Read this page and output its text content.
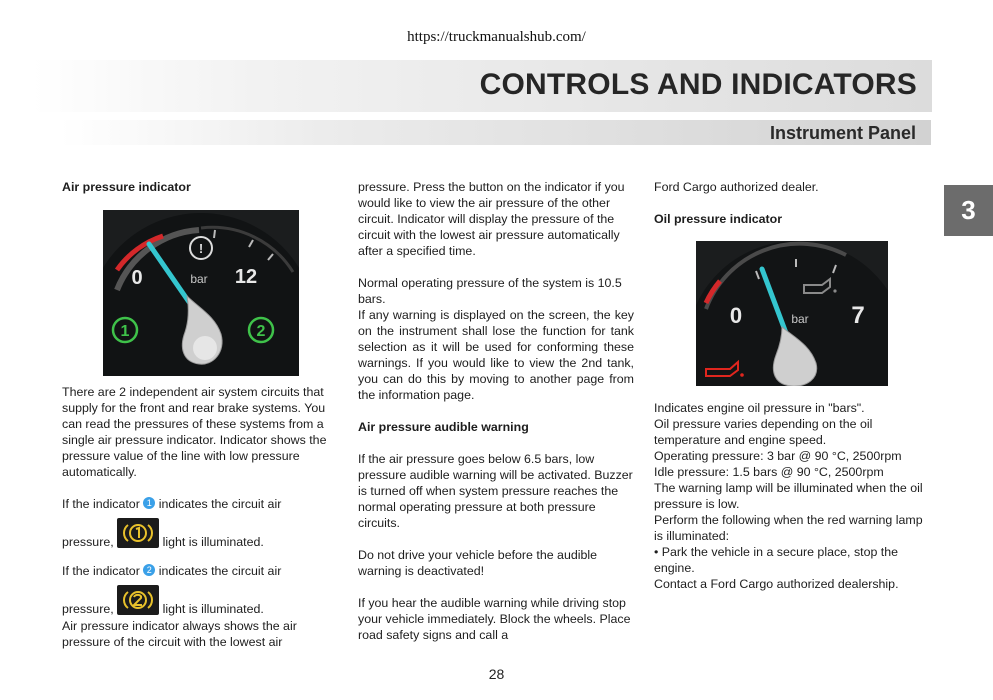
https://truckmanualshub.com/
CONTROLS AND INDICATORS
Instrument Panel
3

Air pressure indicator

!
0	12
bar
1	2

There are 2 independent air system circuits that supply for the front and rear brake systems. You can read the pressures of these systems from a single air pressure indicator. Indicator shows the pressure value of the line with low pressure automatically.

If the indicator 1 indicates the circuit air

pressure,	light is illuminated.

If the indicator 2 indicates the circuit air

pressure,	light is illuminated.

Air pressure indicator always shows the air pressure of the circuit with the lowest air

pressure. Press the button on the indicator if you would like to view the air pressure of the other circuit. Indicator will display the pressure of the circuit with the lowest air pressure automatically after a specified time.

Normal operating pressure of the system is 10.5 bars.

If any warning is displayed on the screen, the key on the instrument shall lose the function for tank selection as it will be used for conforming these warnings. If you would like to view the 2nd tank, you can do this by moving to another page from the information page.

Air pressure audible warning

If the air pressure goes below 6.5 bars, low pressure audible warning will be activated. Buzzer is turned off when system pressure reaches the normal operating pressure at both pressure circuits.

Do not drive your vehicle before the audible warning is deactivated!

If you hear the audible warning while driving stop your vehicle immediately. Block the wheels. Place road safety signs and call a

Ford Cargo authorized dealer.

Oil pressure indicator

0	7
bar

Indicates engine oil pressure in "bars".

Oil pressure varies depending on the oil temperature and engine speed.

Operating pressure: 3 bar @ 90 °C, 2500rpm

Idle pressure: 1.5 bars @ 90 °C, 2500rpm

The warning lamp will be illuminated when the oil pressure is low.

Perform the following when the red warning lamp is illuminated:

• Park the vehicle in a secure place, stop the engine.

Contact a Ford Cargo authorized dealership.

28
